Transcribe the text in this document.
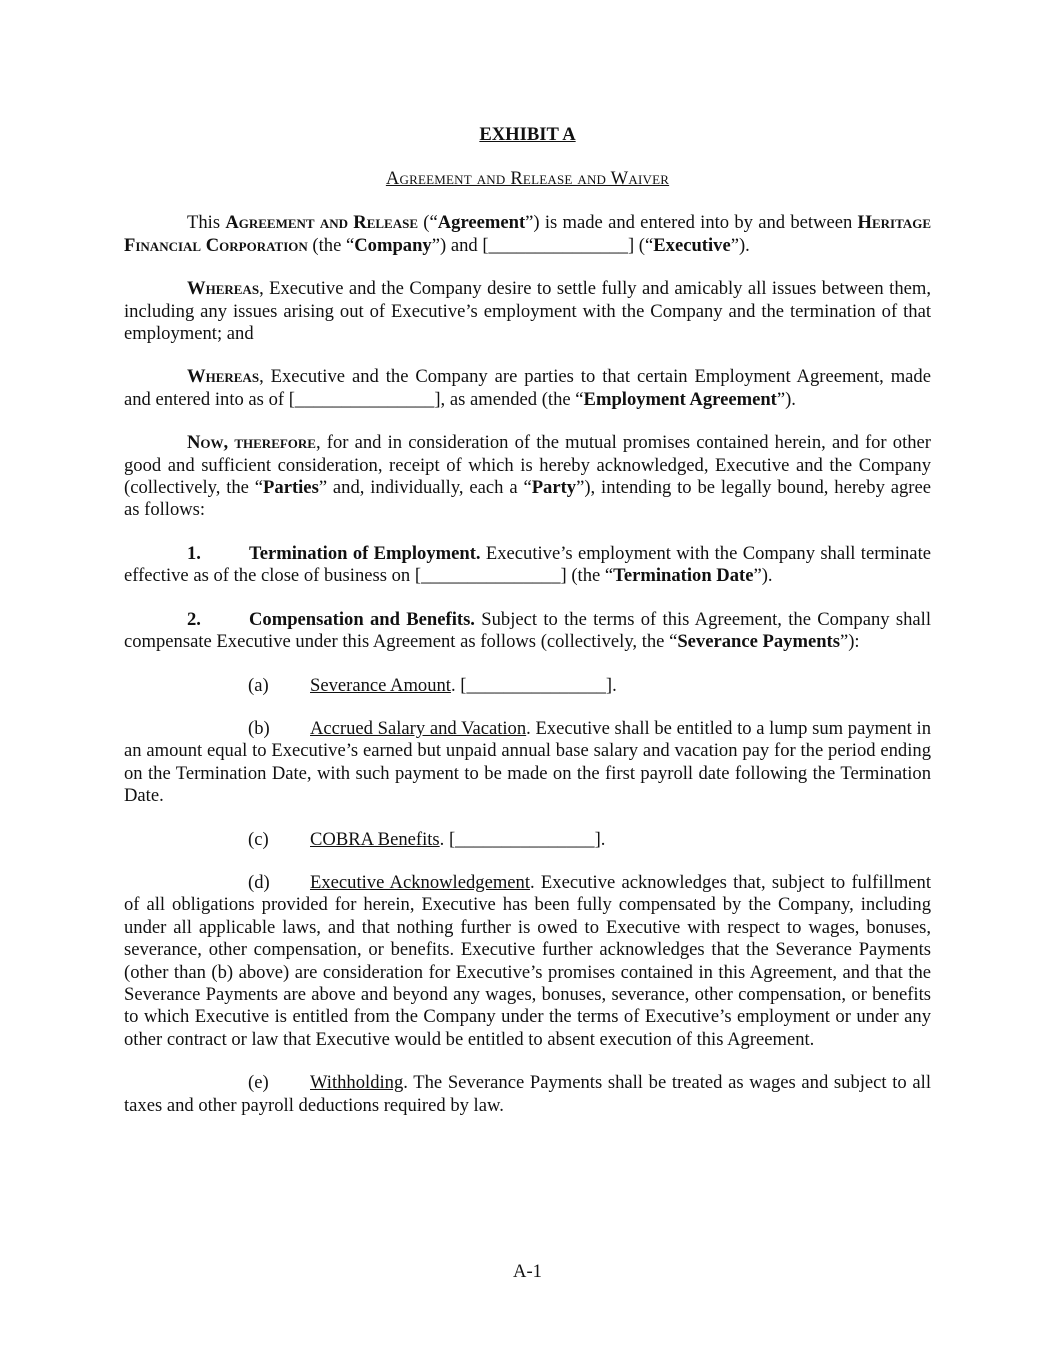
EXHIBIT A

Agreement and Release and Waiver

This Agreement and Release (“Agreement”) is made and entered into by and between Heritage Financial Corporation (the “Company”) and [_______________] (“Executive”).

Whereas, Executive and the Company desire to settle fully and amicably all issues between them, including any issues arising out of Executive’s employment with the Company and the termination of that employment; and

Whereas, Executive and the Company are parties to that certain Employment Agreement, made and entered into as of [_______________], as amended (the “Employment Agreement”).

Now, therefore, for and in consideration of the mutual promises contained herein, and for other good and sufficient consideration, receipt of which is hereby acknowledged, Executive and the Company (collectively, the “Parties” and, individually, each a “Party”), intending to be legally bound, hereby agree as follows:

1.	Termination of Employment. Executive’s employment with the Company shall terminate effective as of the close of business on [_______________] (the “Termination Date”).

2.	Compensation and Benefits. Subject to the terms of this Agreement, the Company shall compensate Executive under this Agreement as follows (collectively, the “Severance Payments”):

(a) Severance Amount. [_______________].

(b) Accrued Salary and Vacation. Executive shall be entitled to a lump sum payment in an amount equal to Executive’s earned but unpaid annual base salary and vacation pay for the period ending on the Termination Date, with such payment to be made on the first payroll date following the Termination Date.

(c) COBRA Benefits. [_______________].

(d) Executive Acknowledgement. Executive acknowledges that, subject to fulfillment of all obligations provided for herein, Executive has been fully compensated by the Company, including under all applicable laws, and that nothing further is owed to Executive with respect to wages, bonuses, severance, other compensation, or benefits. Executive further acknowledges that the Severance Payments (other than (b) above) are consideration for Executive’s promises contained in this Agreement, and that the Severance Payments are above and beyond any wages, bonuses, severance, other compensation, or benefits to which Executive is entitled from the Company under the terms of Executive’s employment or under any other contract or law that Executive would be entitled to absent execution of this Agreement.

(e) Withholding. The Severance Payments shall be treated as wages and subject to all taxes and other payroll deductions required by law.

A-1
